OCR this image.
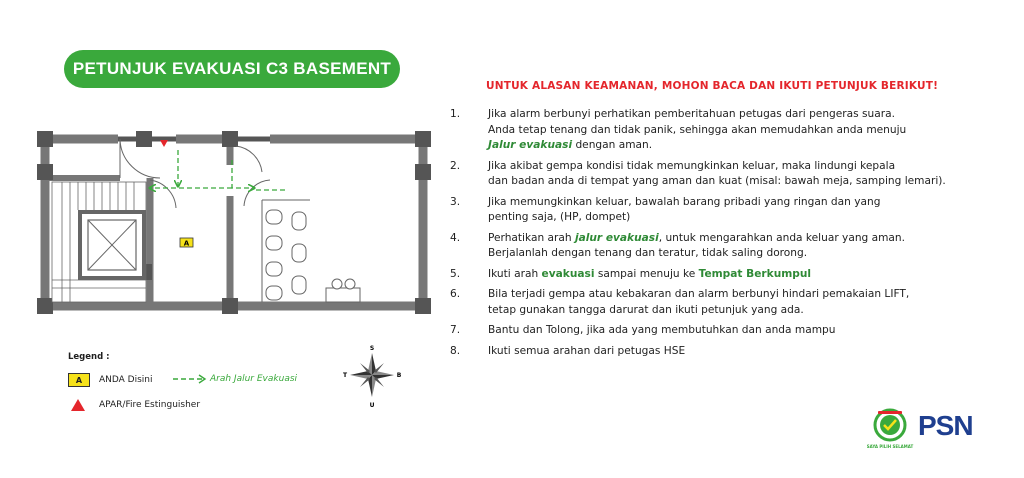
PETUNJUK EVAKUASI C3 BASEMENT
UNTUK ALASAN KEAMANAN, MOHON BACA DAN IKUTI PETUNJUK BERIKUT!
1.	Jika alarm berbunyi perhatikan pemberitahuan petugas dari pengeras suara.
Anda tetap tenang dan tidak panik, sehingga akan memudahkan anda menuju
Jalur evakuasi dengan aman.
2.	Jika akibat gempa kondisi tidak memungkinkan keluar, maka lindungi kepala
dan badan anda di tempat yang aman dan kuat (misal: bawah meja, samping lemari).
3.	Jika memungkinkan keluar, bawalah barang pribadi yang ringan dan yang
penting saja, (HP, dompet)
4.	Perhatikan arah jalur evakuasi, untuk mengarahkan anda keluar yang aman.
Berjalanlah dengan tenang dan teratur, tidak saling dorong.
5.	Ikuti arah evakuasi sampai menuju ke Tempat Berkumpul
6.	Bila terjadi gempa atau kebakaran dan alarm berbunyi hindari pemakaian LIFT,
tetap gunakan tangga darurat dan ikuti petunjuk yang ada.
7.	Bantu dan Tolong, jika ada yang membutuhkan dan anda mampu
8.	Ikuti semua arahan dari petugas HSE
A
Legend :
A	ANDA Disini	Arah Jalur Evakuasi
APAR/Fire Estinguisher
S
U
T	B
SAYA PILIH SELAMAT
PSN
